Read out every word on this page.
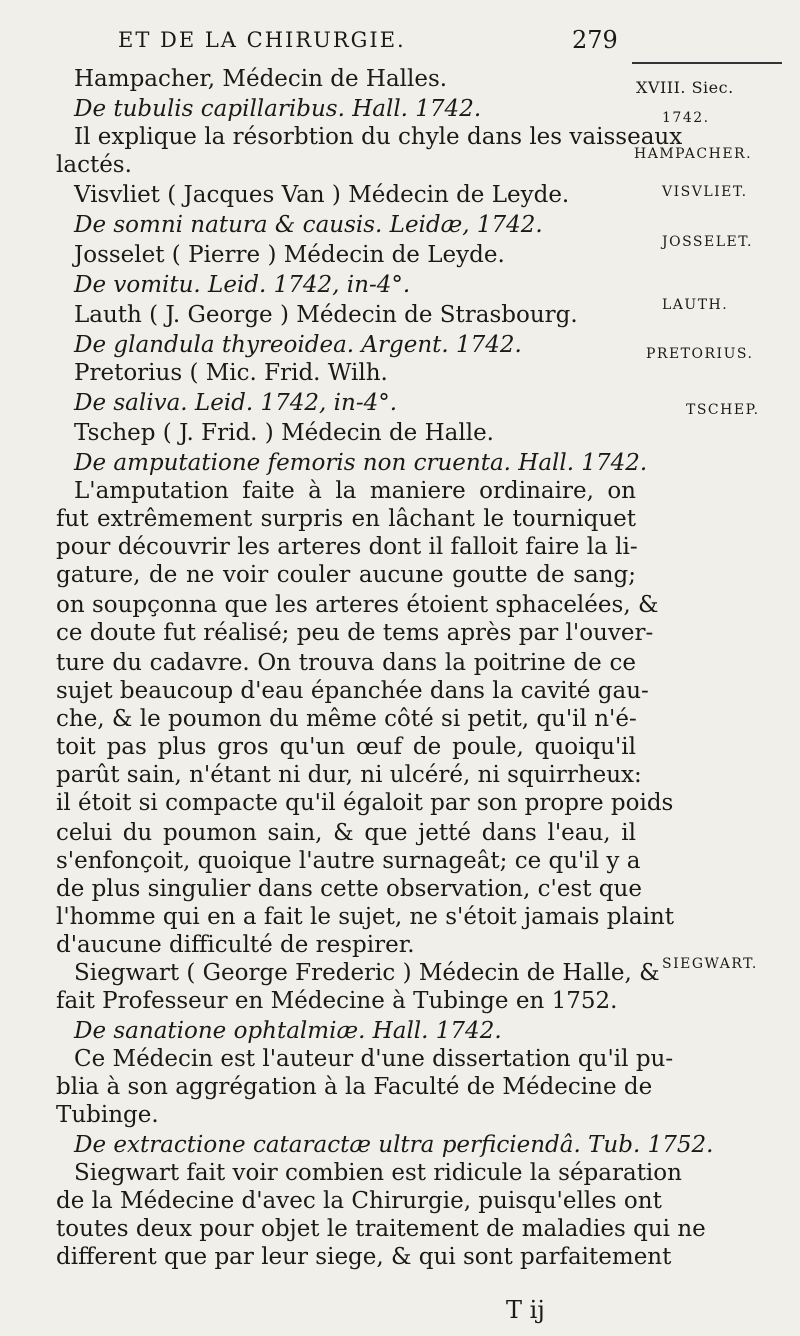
ET DE LA CHIRURGIE.	279
XVIII. Siec.
1742.
HAMPACHER.
VISVLIET.
JOSSELET.
LAUTH.
PRETORIUS.
TSCHEP.
SIEGWART.
Hampacher, Médecin de Halles.
De tubulis capillaribus. Hall. 1742.
Il explique la résorbtion du chyle dans les vaisseaux
lactés.
Visvliet ( Jacques Van ) Médecin de Leyde.
De somni natura & causis. Leidæ, 1742.
Josselet ( Pierre ) Médecin de Leyde.
De vomitu. Leid. 1742, in-4°.
Lauth ( J. George ) Médecin de Strasbourg.
De glandula thyreoidea. Argent. 1742.
Pretorius ( Mic. Frid. Wilh.
De saliva. Leid. 1742, in-4°.
Tschep ( J. Frid. ) Médecin de Halle.
De amputatione femoris non cruenta. Hall. 1742.
L'amputation faite à la maniere ordinaire, on
fut extrêmement surpris en lâchant le tourniquet
pour découvrir les arteres dont il falloit faire la li-
gature, de ne voir couler aucune goutte de sang;
on soupçonna que les arteres étoient sphacelées, &
ce doute fut réalisé; peu de tems après par l'ouver-
ture du cadavre. On trouva dans la poitrine de ce
sujet beaucoup d'eau épanchée dans la cavité gau-
che, & le poumon du même côté si petit, qu'il n'é-
toit pas plus gros qu'un œuf de poule, quoiqu'il
parût sain, n'étant ni dur, ni ulcéré, ni squirrheux:
il étoit si compacte qu'il égaloit par son propre poids
celui du poumon sain, & que jetté dans l'eau, il
s'enfonçoit, quoique l'autre surnageât; ce qu'il y a
de plus singulier dans cette observation, c'est que
l'homme qui en a fait le sujet, ne s'étoit jamais plaint
d'aucune difficulté de respirer.
Siegwart ( George Frederic ) Médecin de Halle, &
fait Professeur en Médecine à Tubinge en 1752.
De sanatione ophtalmiæ. Hall. 1742.
Ce Médecin est l'auteur d'une dissertation qu'il pu-
blia à son aggrégation à la Faculté de Médecine de
Tubinge.
De extractione cataractæ ultra perficiendâ. Tub. 1752.
Siegwart fait voir combien est ridicule la séparation
de la Médecine d'avec la Chirurgie, puisqu'elles ont
toutes deux pour objet le traitement de maladies qui ne
different que par leur siege, & qui sont parfaitement
T ij
